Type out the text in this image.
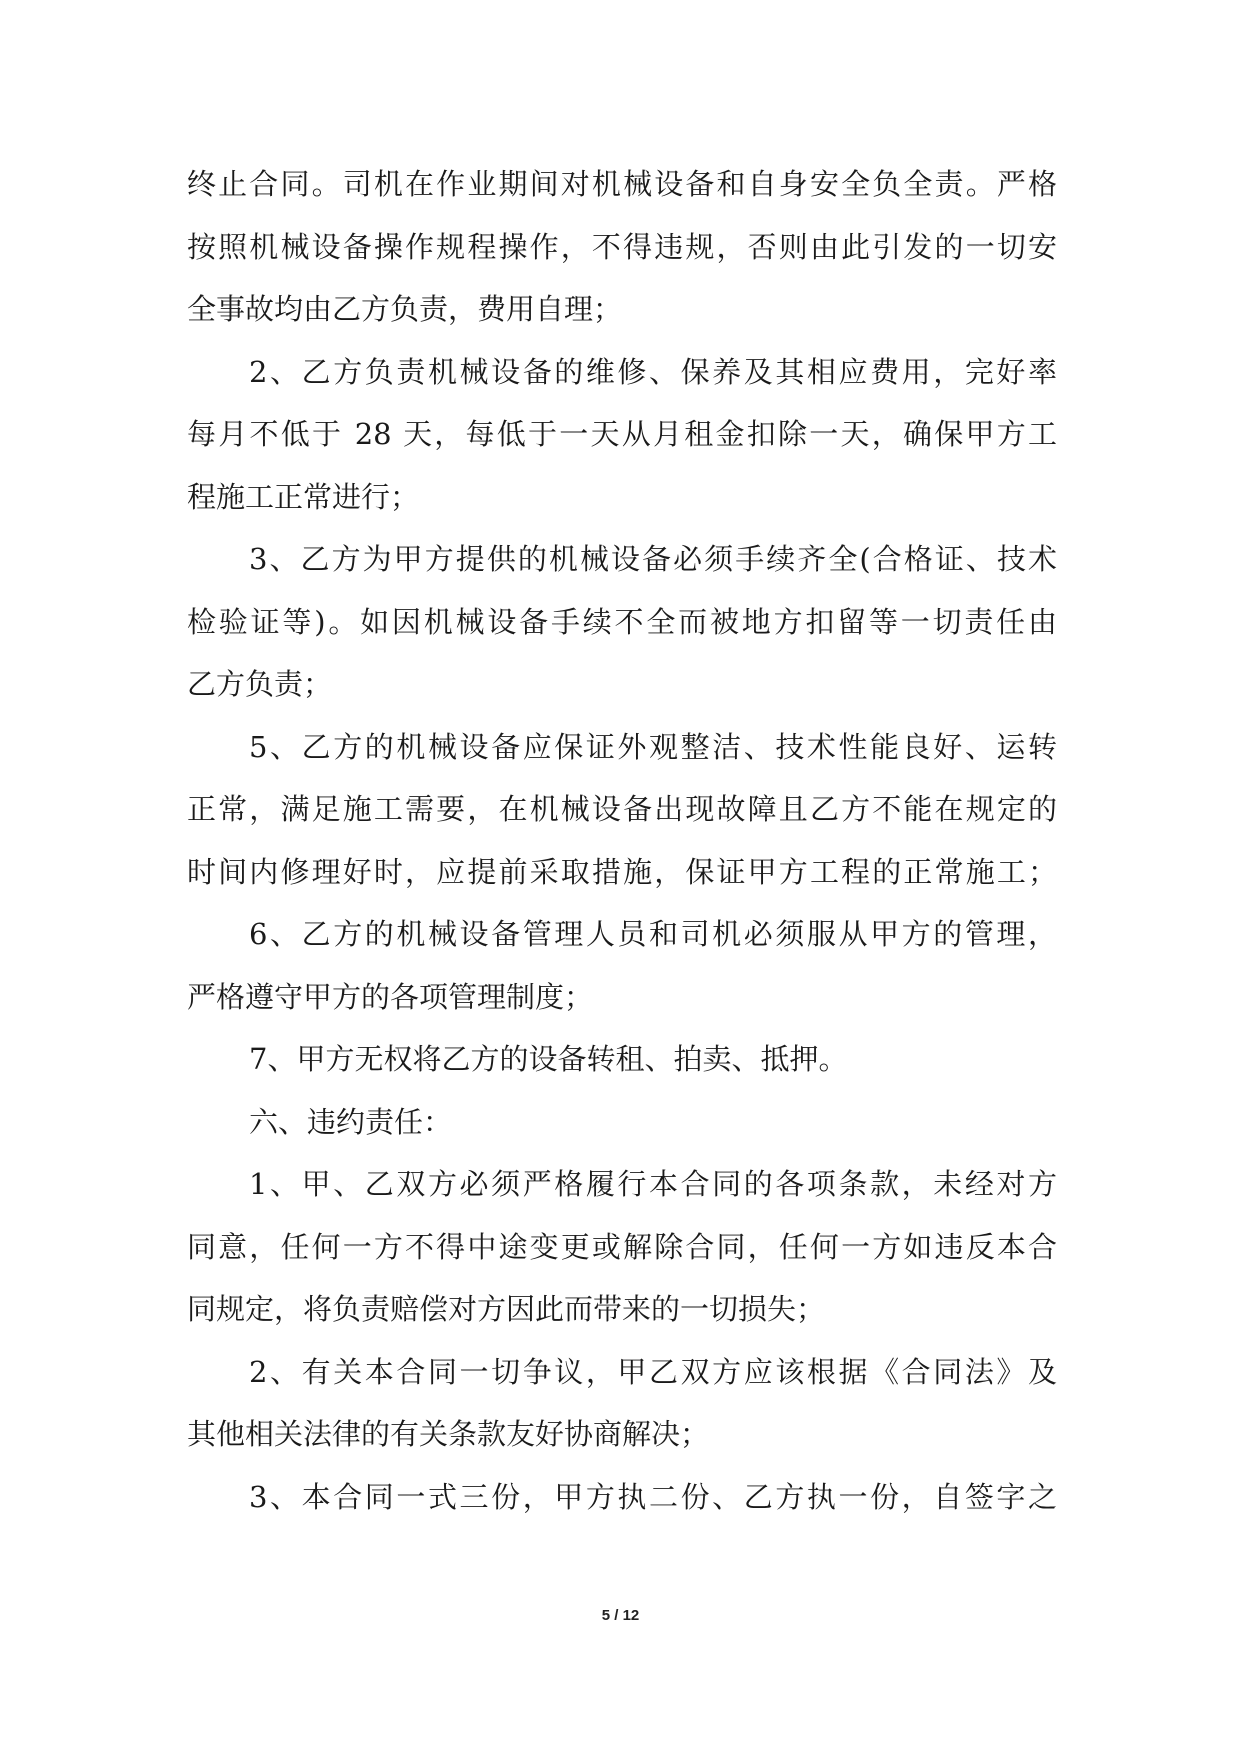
终止合同。司机在作业期间对机械设备和自身安全负全责。严格
按照机械设备操作规程操作，不得违规，否则由此引发的一切安
全事故均由乙方负责，费用自理；
2、乙方负责机械设备的维修、保养及其相应费用，完好率
每月不低于 28 天，每低于一天从月租金扣除一天，确保甲方工
程施工正常进行；
3、乙方为甲方提供的机械设备必须手续齐全(合格证、技术
检验证等)。如因机械设备手续不全而被地方扣留等一切责任由
乙方负责；
5、乙方的机械设备应保证外观整洁、技术性能良好、运转
正常，满足施工需要，在机械设备出现故障且乙方不能在规定的
时间内修理好时，应提前采取措施，保证甲方工程的正常施工；
6、乙方的机械设备管理人员和司机必须服从甲方的管理，
严格遵守甲方的各项管理制度；
7、甲方无权将乙方的设备转租、拍卖、抵押。
六、违约责任：
1、甲、乙双方必须严格履行本合同的各项条款，未经对方
同意，任何一方不得中途变更或解除合同，任何一方如违反本合
同规定，将负责赔偿对方因此而带来的一切损失；
2、有关本合同一切争议，甲乙双方应该根据《合同法》及
其他相关法律的有关条款友好协商解决；
3、本合同一式三份，甲方执二份、乙方执一份，自签字之
5 / 12
